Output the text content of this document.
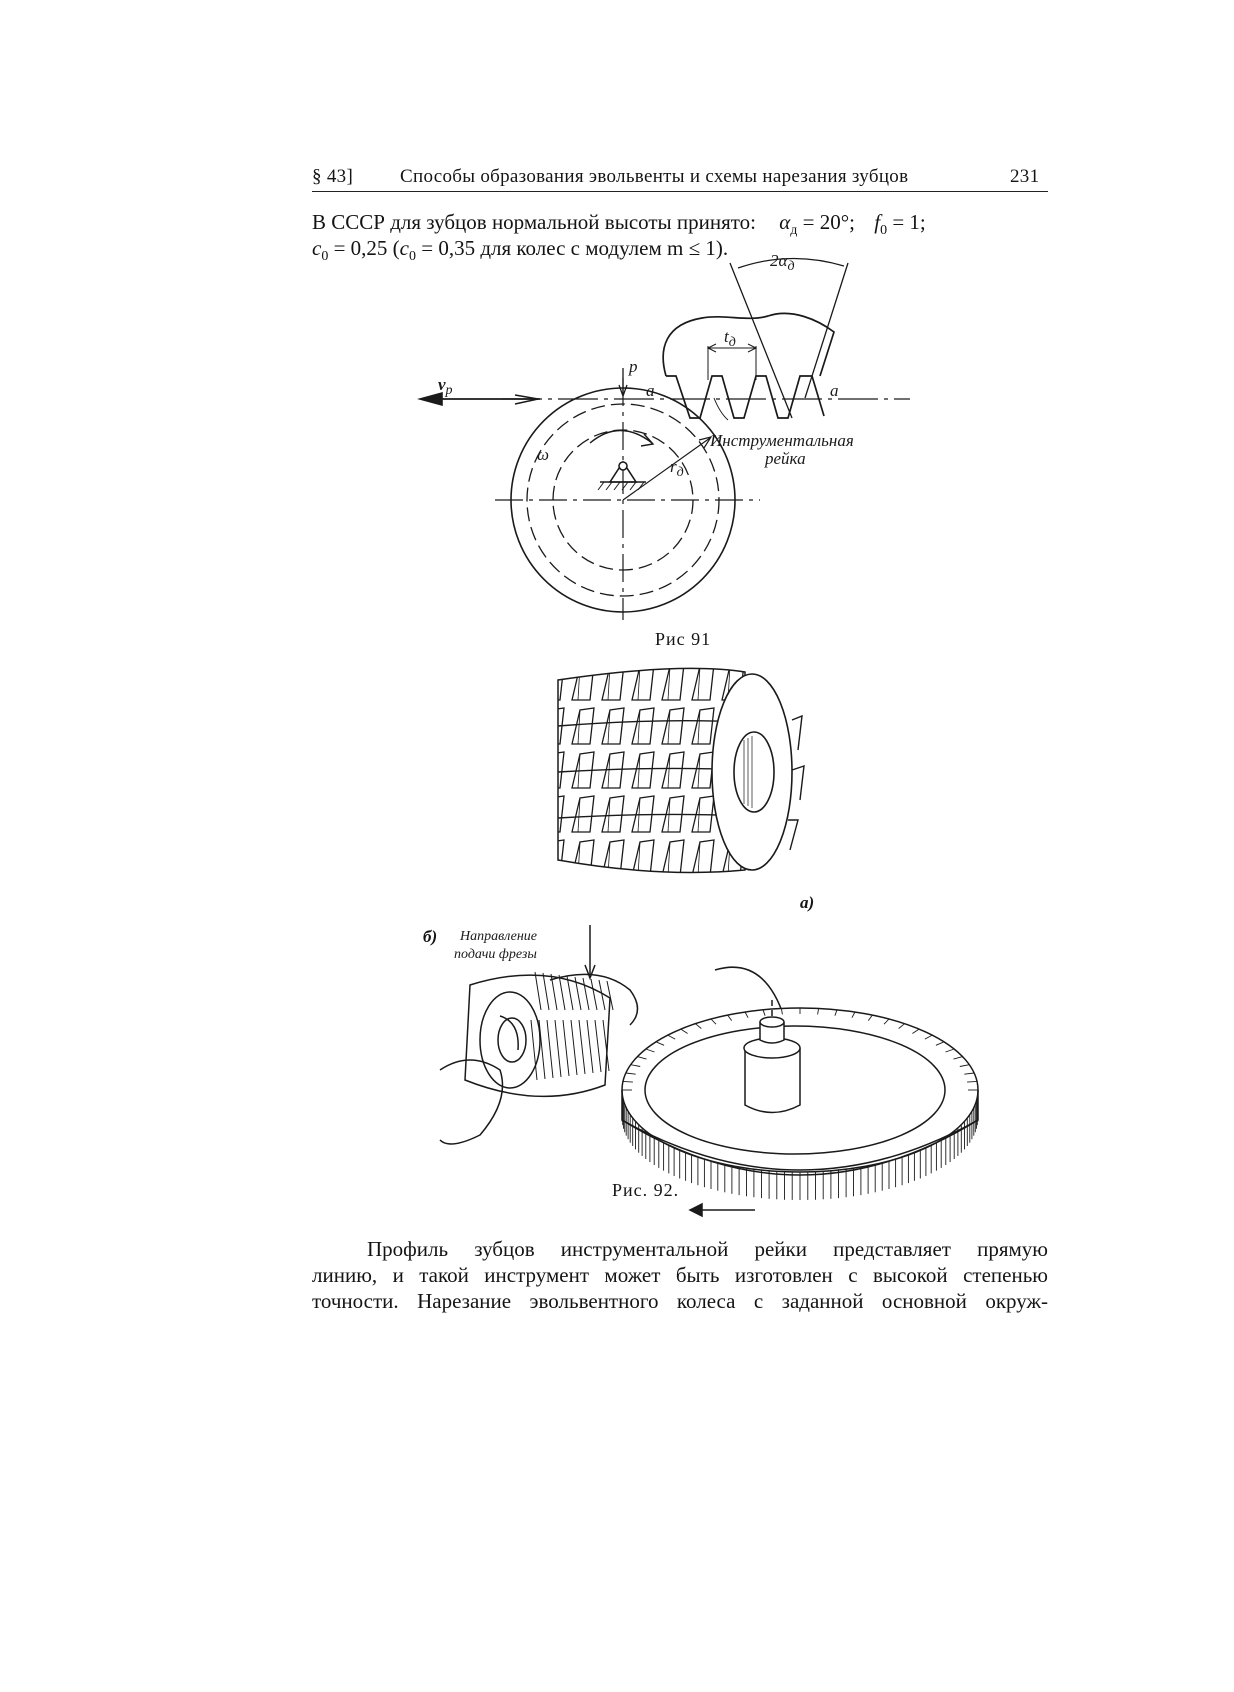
§ 43] Способы образования эвольвенты и схемы нарезания зубцов	231
В СССР для зубцов нормальной высоты принято: $\alpha_д = 20^\circ$; $f_0 = 1$;
$c_0 = 0,25$ ($c_0 = 0,35$ для колес с модулем m ≤ 1).
$v_p$
p
a	a
ω
$r_д$
$t_д$
$2\alpha_д$
Инструментальная
рейка
Рис 91
а)
б) Направление
подачи фрезы
Рис. 92.
Профиль зубцов инструментальной рейки представляет прямую
линию, и такой инструмент может быть изготовлен с высокой степенью
точности. Нарезание эвольвентного колеса с заданной основной окруж-
